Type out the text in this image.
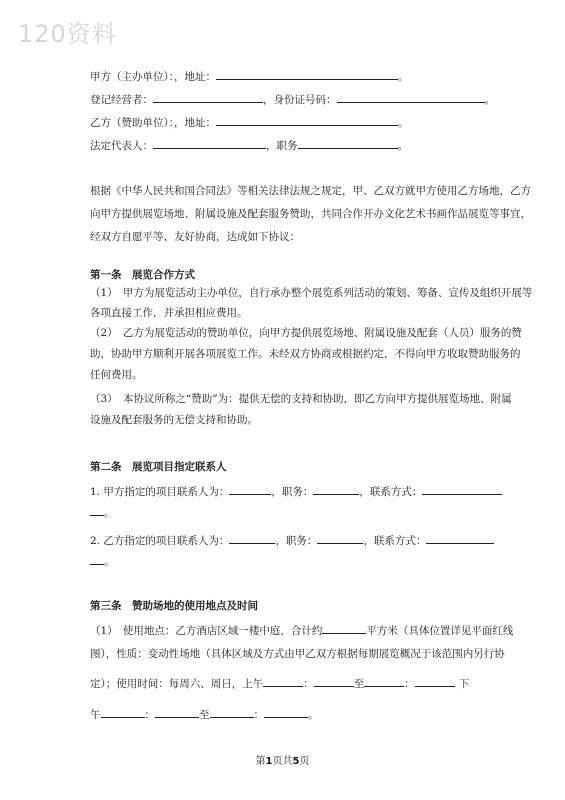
120资料
甲方（主办单位）：，地址：	。
登记经营者：	，身份证号码：	。
乙方（赞助单位）：，地址：	。
法定代表人：	，职务	。
根据《中华人民共和国合同法》等相关法律法规之规定，甲、乙双方就甲方使用乙方场地，乙方
向甲方提供展览场地、附属设施及配套服务赞助，共同合作开办文化艺术书画作品展览等事宜，
经双方自愿平等、友好协商，达成如下协议：
第一条　展览合作方式
（1）　甲方为展览活动主办单位，自行承办整个展览系列活动的策划、筹备、宣传及组织开展等
各项直接工作，并承担相应费用。
（2）　乙方为展览活动的赞助单位，向甲方提供展览场地、附属设施及配套（人员）服务的赞
助，协助甲方顺利开展各项展览工作。未经双方协商或根据约定，不得向甲方收取赞助服务的
任何费用。
（3）　本协议所称之“赞助”为：提供无偿的支持和协助，即乙方向甲方提供展览场地、附属
设施及配套服务的无偿支持和协助。
第二条　展览项目指定联系人
1. 甲方指定的项目联系人为：	，职务：	，联系方式：
。
2. 乙方指定的项目联系人为：	，职务：	，联系方式：
。
第三条　赞助场地的使用地点及时间
（1）　使用地点：乙方酒店区域一楼中庭，合计约	平方米（具体位置详见平面红线
图），性质：变动性场地（具体区域及方式由甲乙双方根据每期展览概况于该范围内另行协
定）；使用时间：每周六、周日，上午	：	至	：	下
午	：	至	：	。
第1页共5页
